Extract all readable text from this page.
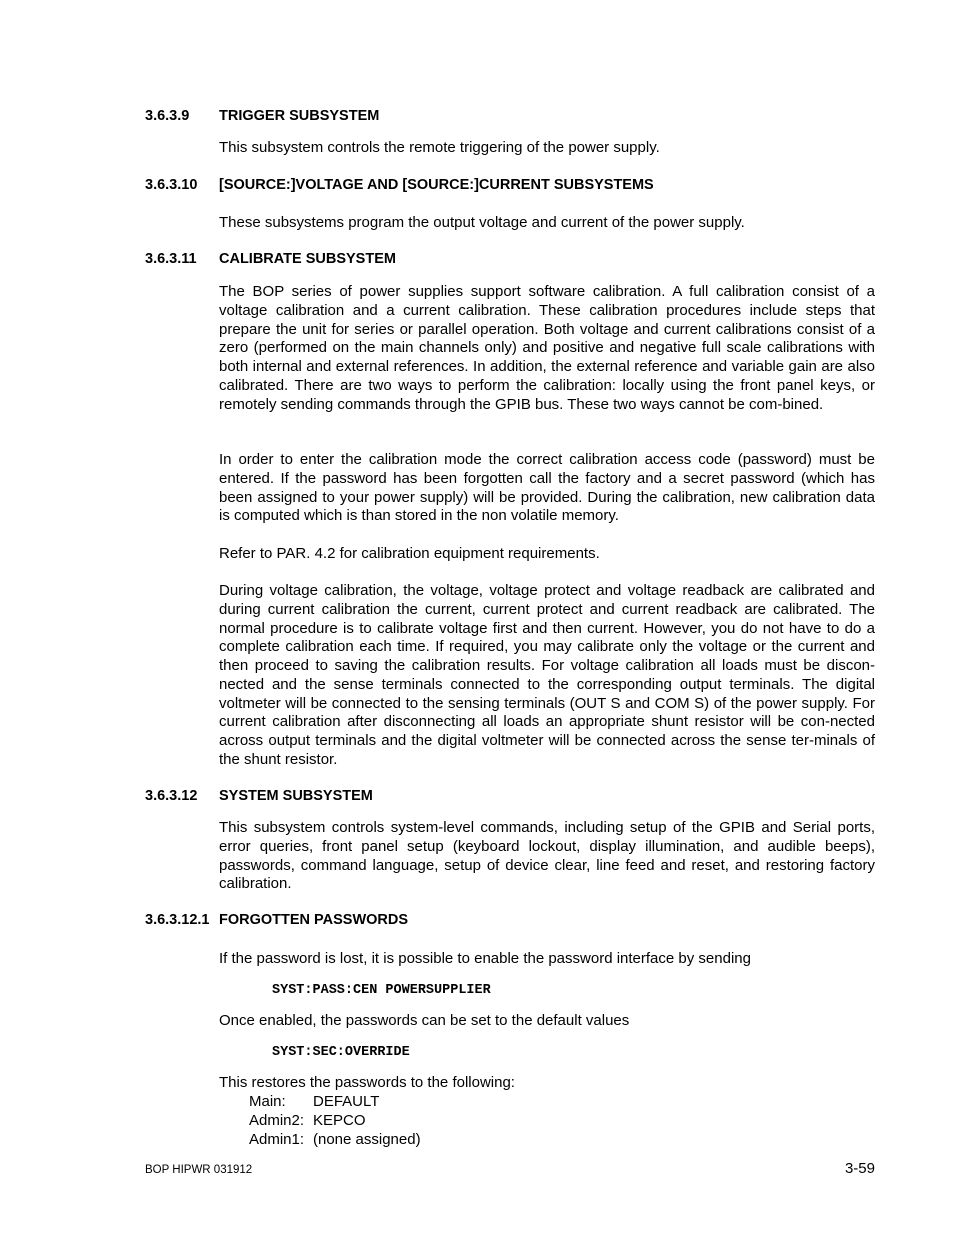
3.6.3.9 TRIGGER SUBSYSTEM
This subsystem controls the remote triggering of the power supply.
3.6.3.10 [SOURCE:]VOLTAGE AND [SOURCE:]CURRENT SUBSYSTEMS
These subsystems program the output voltage and current of the power supply.
3.6.3.11 CALIBRATE SUBSYSTEM

The BOP series of power supplies support software calibration. A full calibration consist of a voltage calibration and a current calibration. These calibration procedures include steps that prepare the unit for series or parallel operation. Both voltage and current calibrations consist of a zero (performed on the main channels only) and positive and negative full scale calibrations with both internal and external references. In addition, the external reference and variable gain are also calibrated. There are two ways to perform the calibration: locally using the front panel keys, or remotely sending commands through the GPIB bus. These two ways cannot be com-bined.

In order to enter the calibration mode the correct calibration access code (password) must be entered. If the password has been forgotten call the factory and a secret password (which has been assigned to your power supply) will be provided. During the calibration, new calibration data is computed which is than stored in the non volatile memory.

Refer to PAR. 4.2 for calibration equipment requirements.

During voltage calibration, the voltage, voltage protect and voltage readback are calibrated and during current calibration the current, current protect and current readback are calibrated. The normal procedure is to calibrate voltage first and then current. However, you do not have to do a complete calibration each time. If required, you may calibrate only the voltage or the current and then proceed to saving the calibration results. For voltage calibration all loads must be discon-nected and the sense terminals connected to the corresponding output terminals. The digital voltmeter will be connected to the sensing terminals (OUT S and COM S) of the power supply. For current calibration after disconnecting all loads an appropriate shunt resistor will be con-nected across output terminals and the digital voltmeter will be connected across the sense ter-minals of the shunt resistor.

3.6.3.12 SYSTEM SUBSYSTEM

This subsystem controls system-level commands, including setup of the GPIB and Serial ports, error queries, front panel setup (keyboard lockout, display illumination, and audible beeps), passwords, command language, setup of device clear, line feed and reset, and restoring factory calibration.

3.6.3.12.1 FORGOTTEN PASSWORDS
If the password is lost, it is possible to enable the password interface by sending
SYST:PASS:CEN POWERSUPPLIER
Once enabled, the passwords can be set to the default values
SYST:SEC:OVERRIDE
This restores the passwords to the following:
Main: DEFAULT
Admin2: KEPCO
Admin1: (none assigned)
BOP HIPWR 031912	3-59
